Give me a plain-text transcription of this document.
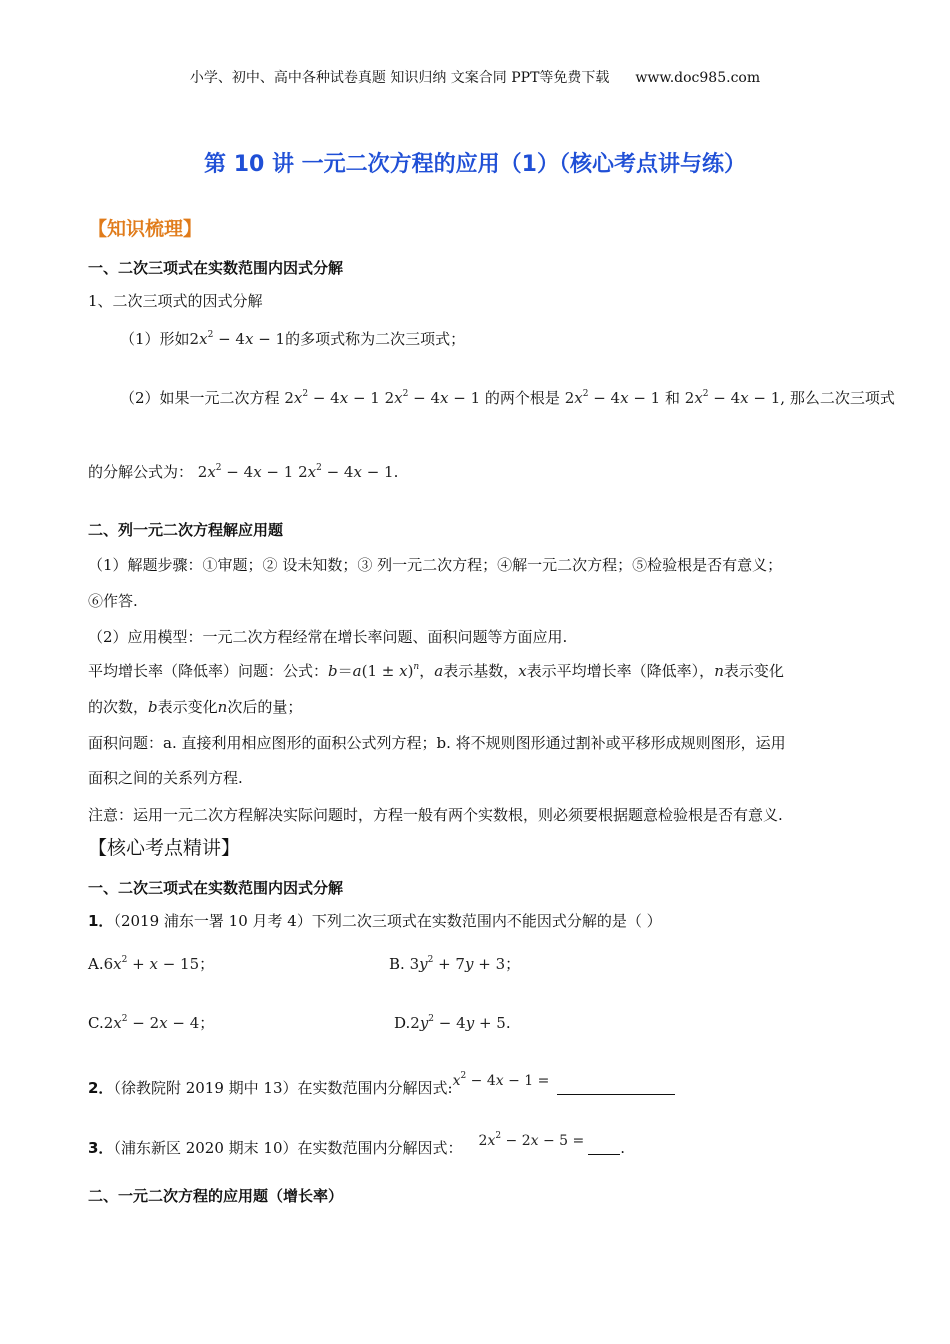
小学、初中、高中各种试卷真题 知识归纳 文案合同 PPT等免费下载 www.doc985.com
第 10 讲 一元二次方程的应用（1）（核心考点讲与练）
【知识梳理】
一、二次三项式在实数范围内因式分解
1、二次三项式的因式分解
（1）形如$2x^2 - 4x - 1$的多项式称为二次三项式；
（2）如果一元二次方程 $2x^2 - 4x - 1$ $2x^2 - 4x - 1$ 的两个根是 $2x^2 - 4x - 1$ 和 $2x^2 - 4x - 1$, 那么二次三项式
的分解公式为： $2x^2 - 4x - 1$ $2x^2 - 4x - 1$.
二、列一元二次方程解应用题
（1）解题步骤：①审题；② 设未知数；③ 列一元二次方程；④解一元二次方程；⑤检验根是否有意义；
⑥作答.
（2）应用模型：一元二次方程经常在增长率问题、面积问题等方面应用.
平均增长率（降低率）问题：公式：$b=a(1 \pm x)^n$，a表示基数，x表示平均增长率（降低率），n表示变化
的次数，b表示变化n次后的量；
面积问题：a. 直接利用相应图形的面积公式列方程；b. 将不规则图形通过割补或平移形成规则图形，运用
面积之间的关系列方程.
注意：运用一元二次方程解决实际问题时，方程一般有两个实数根，则必须要根据题意检验根是否有意义.
【核心考点精讲】
一、二次三项式在实数范围内因式分解
1．（2019 浦东一署 10 月考 4）下列二次三项式在实数范围内不能因式分解的是（ ）
$A.6x^2 + x - 15$；	B. $3y^2 + 7y + 3$；
$C.2x^2 - 2x - 4$；	$D.2y^2 - 4y + 5$.
2．（徐教院附 2019 期中 13）在实数范围内分解因式$:x^2 - 4x - 1$ =
3．（浦东新区 2020 期末 10）在实数范围内分解因式： $2x^2 - 2x - 5$ = .
二、一元二次方程的应用题（增长率）
